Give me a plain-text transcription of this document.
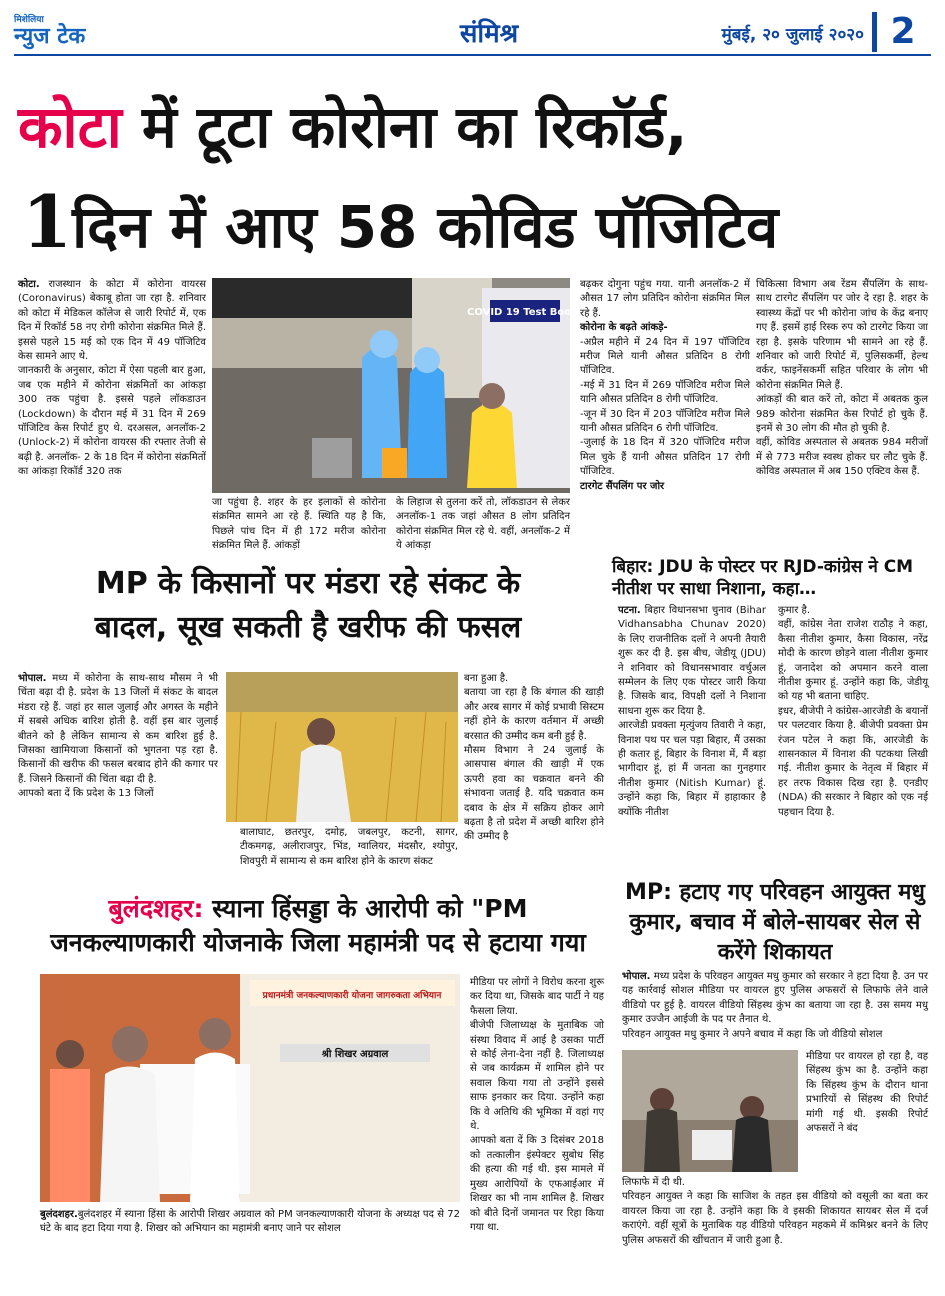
मिशेलिया
न्युज टेक	संमिश्र	मुंबई, २० जुलाई २०२० 2
कोटा में टूटा कोरोना का रिकॉर्ड,
1दिन में आए 58 कोविड पॉजिटिव
कोटा. राजस्थान के कोटा में कोरोना वायरस (Coronavirus) बेकाबू होता जा रहा है. शनिवार को कोटा में मेडिकल कॉलेज से जारी रिपोर्ट में, एक दिन में रिकॉर्ड 58 नए रोगी कोरोना संक्रमित मिले हैं. इससे पहले 15 मई को एक दिन में 49 पॉजिटिव केस सामने आए थे.
जानकारी के अनुसार, कोटा में ऐसा पहली बार हुआ, जब एक महीने में कोरोना संक्रमितों का आंकड़ा 300 तक पहुंचा है. इससे पहले लॉकडाउन (Lockdown) के दौरान मई में 31 दिन में 269 पॉजिटिव केस रिपोर्ट हुए थे. दरअसल, अनलॉक-2 (Unlock-2) में कोरोना वायरस की रफ्तार तेजी से बढ़ी है. अनलॉक- 2 के 18 दिन में कोरोना संक्रमितों का आंकड़ा रिकॉर्ड 320 तक
COVID 19 Test Booth
जा पहुंचा है. शहर के हर इलाकों से कोरोना संक्रमित सामने आ रहे हैं. स्थिति यह है कि, पिछले पांच दिन में ही 172 मरीज कोरोना संक्रमित मिले हैं. आंकड़ों
के लिहाज से तुलना करें तो, लॉकडाउन से लेकर अनलॉक-1 तक जहां औसत 8 लोग प्रतिदिन कोरोना संक्रमित मिल रहे थे. वहीं, अनलॉक-2 में ये आंकड़ा
बढ़कर दोगुना पहुंच गया. यानी अनलॉक-2 में औसत 17 लोग प्रतिदिन कोरोना संक्रमित मिल रहे हैं.
कोरोना के बढ़ते आंकड़े-
-अप्रैल महीने में 24 दिन में 197 पॉजिटिव मरीज मिले यानी औसत प्रतिदिन 8 रोगी पॉजिटिव.
-मई में 31 दिन में 269 पॉजिटिव मरीज मिले यानि औसत प्रतिदिन 8 रोगी पॉजिटिव.
-जून में 30 दिन में 203 पॉजिटिव मरीज मिले यानी औसत प्रतिदिन 6 रोगी पॉजिटिव.
-जुलाई के 18 दिन में 320 पॉजिटिव मरीज मिल चुके हैं यानी औसत प्रतिदिन 17 रोगी पॉजिटिव.
टारगेट सैंपलिंग पर जोर
चिकित्सा विभाग अब रेंडम सैंपलिंग के साथ-साथ टारगेट सैंपलिंग पर जोर दे रहा है. शहर के स्वास्थ्य केंद्रों पर भी कोरोना जांच के केंद्र बनाए गए हैं. इसमें हाई रिस्क रुप को टारगेट किया जा रहा है. इसके परिणाम भी सामने आ रहे हैं. शनिवार को जारी रिपोर्ट में, पुलिसकर्मी, हेल्थ वर्कर, फाइनेंसकर्मी सहित परिवार के लोग भी कोरोना संक्रमित मिले हैं.
आंकड़ों की बात करें तो, कोटा में अबतक कुल 989 कोरोना संक्रमित केस रिपोर्ट हो चुके हैं. इनमें से 30 लोग की मौत हो चुकी है.
वहीं, कोविड अस्पताल से अबतक 984 मरीजों में से 773 मरीज स्वस्थ होकर घर लौट चुके हैं. कोविड अस्पताल में अब 150 एक्टिव केस हैं.
MP के किसानों पर मंडरा रहे संकट के
बादल, सूख सकती है खरीफ की फसल
भोपाल. मध्य में कोरोना के साथ-साथ मौसम ने भी चिंता बढ़ा दी है. प्रदेश के 13 जिलों में संकट के बादल मंडरा रहे हैं. जहां हर साल जुलाई और अगस्त के महीने में सबसे अधिक बारिश होती है. वहीं इस बार जुलाई बीतने को है लेकिन सामान्य से कम बारिश हुई है. जिसका खामियाजा किसानों को भुगतना पड़ रहा है. किसानों की खरीफ की फसल बरबाद होने की कगार पर हैं. जिसने किसानों की चिंता बढ़ा दी है.
आपको बता दें कि प्रदेश के 13 जिलों
बालाघाट, छतरपुर, दमोह, जबलपुर, कटनी, सागर, टीकमगढ़, अलीराजपुर, भिंड, ग्वालियर, मंदसौर, श्योपुर, शिवपुरी में सामान्य से कम बारिश होने के कारण संकट
बना हुआ है.
बताया जा रहा है कि बंगाल की खाड़ी और अरब सागर में कोई प्रभावी सिस्टम नहीं होने के कारण वर्तमान में अच्छी बरसात की उम्मीद कम बनी हुई है.
मौसम विभाग ने 24 जुलाई के आसपास बंगाल की खाड़ी में एक ऊपरी हवा का चक्रवात बनने की संभावना जताई है. यदि चक्रवात कम दबाव के क्षेत्र में सक्रिय होकर आगे बढ़ता है तो प्रदेश में अच्छी बारिश होने की उम्मीद है
बिहार: JDU के पोस्टर पर RJD-कांग्रेस ने CM नीतीश पर साधा निशाना, कहा…
पटना. बिहार विधानसभा चुनाव (Bihar Vidhansabha Chunav 2020) के लिए राजनीतिक दलों ने अपनी तैयारी शुरू कर दी है. इस बीच, जेडीयू (JDU) ने शनिवार को विधानसभावार वर्चुअल सम्मेलन के लिए एक पोस्टर जारी किया है. जिसके बाद, विपक्षी दलों ने निशाना साधना शुरू कर दिया है.
आरजेडी प्रवक्ता मृत्युंजय तिवारी ने कहा, विनाश पथ पर चल पड़ा बिहार, मैं उसका ही कतार हूं, बिहार के विनाश में, मैं बड़ा भागीदार हूं, हां मैं जनता का गुनहगार नीतीश कुमार (Nitish Kumar) हूं. उन्होंने कहा कि, बिहार में हाहाकार है क्योंकि नीतीश
कुमार है.
वहीं, कांग्रेस नेता राजेश राठौड़ ने कहा, कैसा नीतीश कुमार, कैसा विकास, नरेंद्र मोदी के कारण छोड़ने वाला नीतीश कुमार हूं, जनादेश को अपमान करने वाला नीतीश कुमार हूं. उन्होंने कहा कि, जेडीयू को यह भी बताना चाहिए.
इधर, बीजेपी ने कांग्रेस-आरजेडी के बयानों पर पलटवार किया है. बीजेपी प्रवक्ता प्रेम रंजन पटेल ने कहा कि, आरजेडी के शासनकाल में विनाश की पटकथा लिखी गई. नीतीश कुमार के नेतृत्व में बिहार में हर तरफ विकास दिख रहा है. एनडीए (NDA) की सरकार ने बिहार को एक नई पहचान दिया है.
बुलंदशहर: स्याना हिंसड्डा के आरोपी को "PM
जनकल्याणकारी योजनाके जिला महामंत्री पद से हटाया गया
प्रधानमंत्री जनकल्याणकारी योजना जागरुकता अभियान
श्री शिखर अग्रवाल
बुलंदशहर.बुलंदशहर में स्याना हिंसा के आरोपी शिखर अग्रवाल को PM जनकल्याणकारी योजना के अध्यक्ष पद से 72 घंटे के बाद हटा दिया गया है. शिखर को अभियान का महामंत्री बनाए जाने पर सोशल
मीडिया पर लोगों ने विरोध करना शुरू कर दिया था, जिसके बाद पार्टी ने यह फैसला लिया.
बीजेपी जिलाध्यक्ष के मुताबिक जो संस्था विवाद में आई है उसका पार्टी से कोई लेना-देना नहीं है. जिलाध्यक्ष से जब कार्यक्रम में शामिल होने पर सवाल किया गया तो उन्होंने इससे साफ इनकार कर दिया. उन्होंने कहा कि वे अतिथि की भूमिका में वहां गए थे.
आपको बता दें कि 3 दिसंबर 2018 को तत्कालीन इंस्पेक्टर सुबोध सिंह की हत्या की गई थी. इस मामले में मुख्य आरोपियों के एफआईआर में शिखर का भी नाम शामिल है. शिखर को बीते दिनों जमानत पर रिहा किया गया था.
MP: हटाए गए परिवहन आयुक्त मधु कुमार, बचाव में बोले-सायबर सेल से करेंगे शिकायत
भोपाल. मध्य प्रदेश के परिवहन आयुक्त मधु कुमार को सरकार ने हटा दिया है. उन पर यह कार्रवाई सोशल मीडिया पर वायरल हुए पुलिस अफसरों से लिफाफे लेने वाले वीडियो पर हुई है. वायरल वीडियो सिंहस्थ कुंभ का बताया जा रहा है. उस समय मधु कुमार उज्जैन आईजी के पद पर तैनात थे.
परिवहन आयुक्त मधु कुमार ने अपने बचाव में कहा कि जो वीडियो सोशल
मीडिया पर वायरल हो रहा है, वह सिंहस्थ कुंभ का है. उन्होंने कहा कि सिंहस्थ कुंभ के दौरान थाना प्रभारियों से सिंहस्थ की रिपोर्ट मांगी गई थी. इसकी रिपोर्ट अफसरों ने बंद
लिफाफे में दी थी.
परिवहन आयुक्त ने कहा कि साजिश के तहत इस वीडियो को वसूली का बता कर वायरल किया जा रहा है. उन्होंने कहा कि वे इसकी शिकायत सायबर सेल में दर्ज कराएंगे. वहीं सूत्रों के मुताबिक यह वीडियो परिवहन महकमे में कमिश्नर बनने के लिए पुलिस अफसरों की खींचतान में जारी हुआ है.
